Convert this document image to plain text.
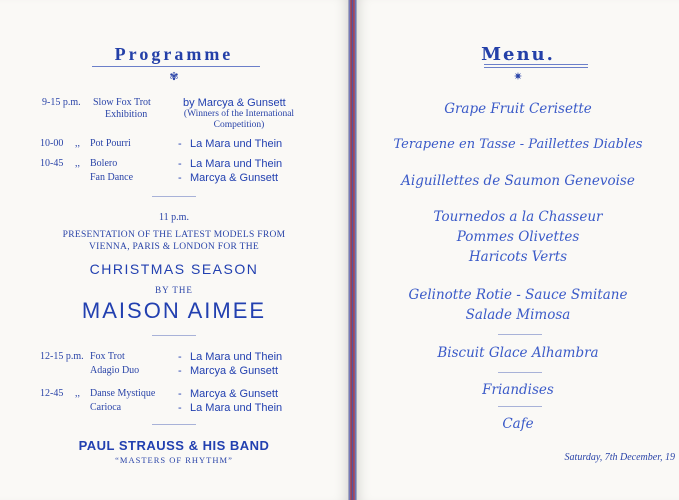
Programme
✾
9-15 p.m. Slow Fox Trot
Exhibition
by Marcya & Gunsett
(Winners of the International Competition)
10-00 ,, Pot Pourri	- La Mara und Thein
10-45 ,, Bolero	- La Mara und Thein
Fan Dance	- Marcya & Gunsett
11 p.m.
PRESENTATION OF THE LATEST MODELS FROM
VIENNA, PARIS & LONDON FOR THE
CHRISTMAS SEASON
BY THE
MAISON AIMEE
12-15 p.m. Fox Trot	- La Mara und Thein
Adagio Duo	- Marcya & Gunsett
12-45 ,, Danse Mystique - Marcya & Gunsett
Carioca	- La Mara und Thein
PAUL STRAUSS & HIS BAND
“MASTERS OF RHYTHM”
Menu.
✷
Grape Fruit Cerisette
Terapene en Tasse - Paillettes Diables
Aiguillettes de Saumon Genevoise
Tournedos a la Chasseur
Pommes Olivettes
Haricots Verts
Gelinotte Rotie - Sauce Smitane
Salade Mimosa
Biscuit Glace Alhambra
Friandises
Cafe
Saturday, 7th December, 19
